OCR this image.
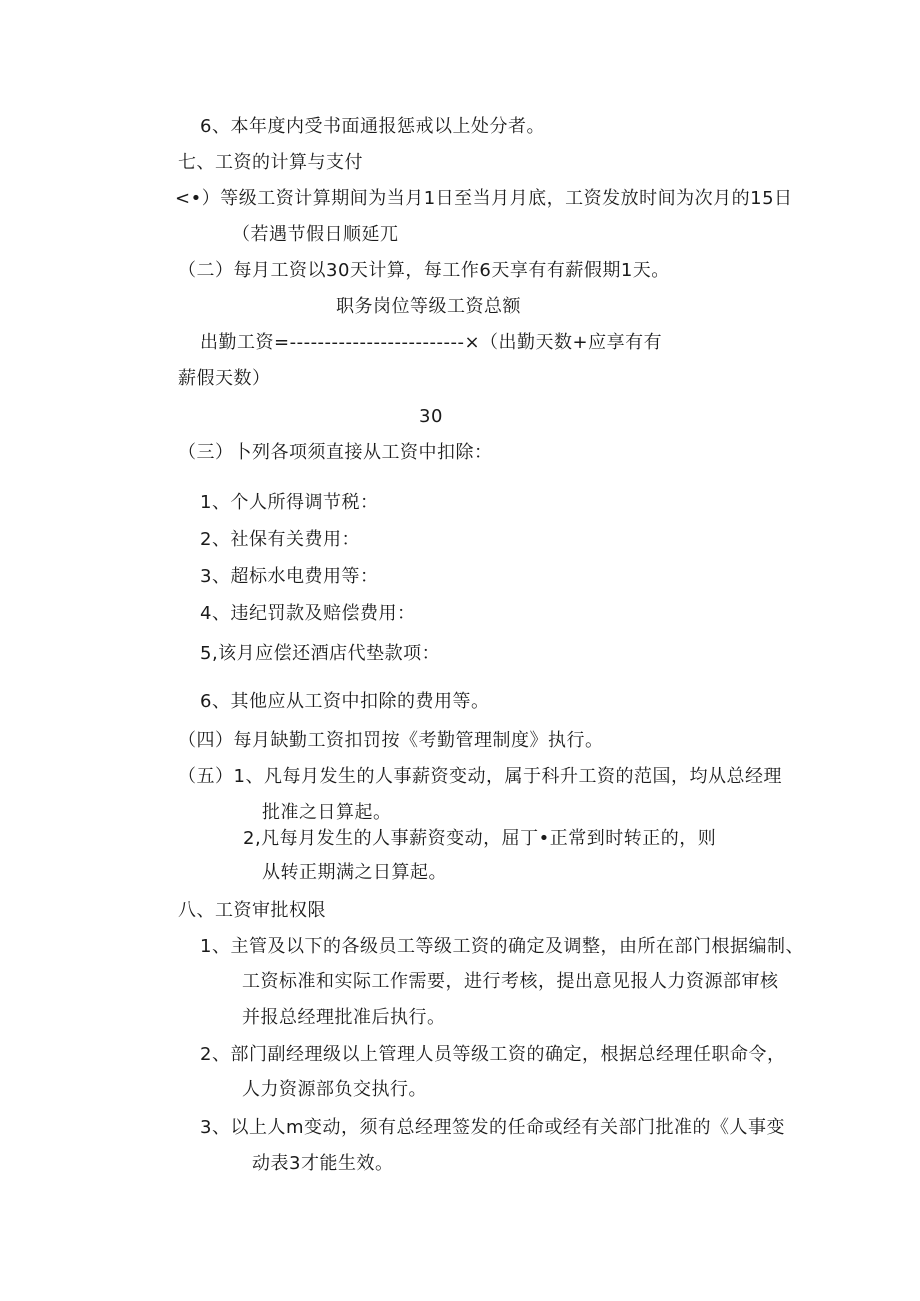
6、本年度内受书面通报惩戒以上处分者。
七、工资的计算与支付
<•）等级工资计算期间为当月1日至当月月底，工资发放时间为次月的15日
（若遇节假日顺延兀
（二）每月工资以30天计算，每工作6天享有有薪假期1天。
职务岗位等级工资总额
出勤工资=-------------------------×（出勤天数+应享有有
薪假天数）
30
（三）卜列各项须直接从工资中扣除：
1、个人所得调节税：
2、社保有关费用：
3、超标水电费用等：
4、违纪罚款及赔偿费用：
5,该月应偿还酒店代垫款项：
6、其他应从工资中扣除的费用等。
（四）每月缺勤工资扣罚按《考勤管理制度》执行。
（五）1、凡每月发生的人事薪资变动，属于科升工资的范国，均从总经理
批准之日算起。
2,凡每月发生的人事薪资变动，屈丁•正常到时转正的，则
从转正期满之日算起。
八、工资审批权限
1、主管及以下的各级员工等级工资的确定及调整，由所在部门根据编制、
工资标准和实际工作需要，进行考核，提出意见报人力资源部审核
并报总经理批准后执行。
2、部门副经理级以上管理人员等级工资的确定，根据总经理任职命令，
人力资源部负交执行。
3、以上人m变动，须有总经理签发的任命或经有关部门批准的《人事变
动表3才能生效。
